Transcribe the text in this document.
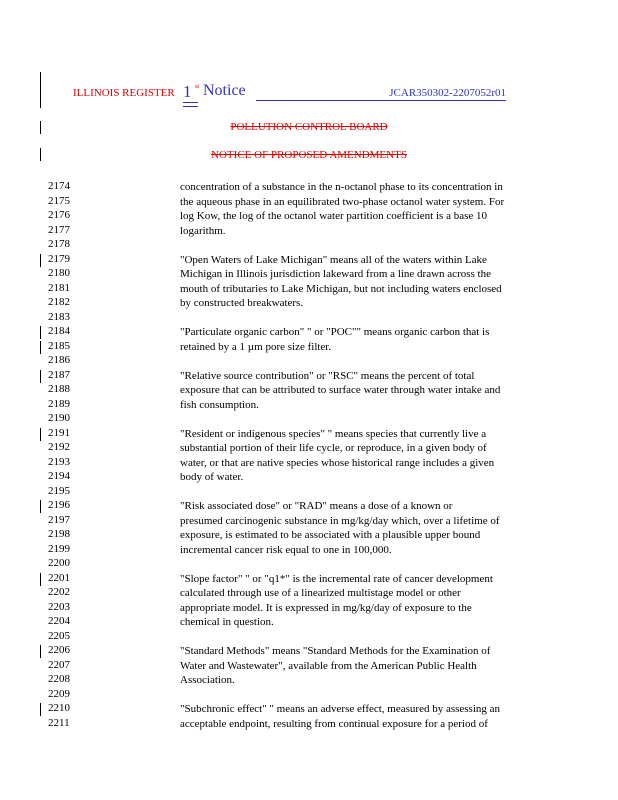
ILLINOIS REGISTER 1 st Notice	JCAR350302-2207052r01
POLLUTION CONTROL BOARD
NOTICE OF PROPOSED AMENDMENTS
2174
2175
2176
2177
2178
2179
2180
2181
2182
2183
2184
2185
2186
2187
2188
2189
2190
2191
2192
2193
2194
2195
2196
2197
2198
2199
2200
2201
2202
2203
2204
2205
2206
2207
2208
2209
2210
2211

concentration of a substance in the n-octanol phase to its concentration in

the aqueous phase in an equilibrated two-phase octanol water system. For

log Kow, the log of the octanol water partition coefficient is a base 10

logarithm.

"Open Waters of Lake Michigan" means all of the waters within Lake

Michigan in Illinois jurisdiction lakeward from a line drawn across the

mouth of tributaries to Lake Michigan, but not including waters enclosed

by constructed breakwaters.

"Particulate organic carbon" " or "POC"" means organic carbon that is

retained by a 1 µm pore size filter.

"Relative source contribution" or "RSC" means the percent of total

exposure that can be attributed to surface water through water intake and

fish consumption.

"Resident or indigenous species" " means species that currently live a

substantial portion of their life cycle, or reproduce, in a given body of

water, or that are native species whose historical range includes a given

body of water.

"Risk associated dose" or "RAD" means a dose of a known or

presumed carcinogenic substance in mg/kg/day which, over a lifetime of

exposure, is estimated to be associated with a plausible upper bound

incremental cancer risk equal to one in 100,000.

"Slope factor" " or "q1*" is the incremental rate of cancer development

calculated through use of a linearized multistage model or other

appropriate model. It is expressed in mg/kg/day of exposure to the

chemical in question.

"Standard Methods" means "Standard Methods for the Examination of

Water and Wastewater", available from the American Public Health

Association.

"Subchronic effect" " means an adverse effect, measured by assessing an

acceptable endpoint, resulting from continual exposure for a period of
